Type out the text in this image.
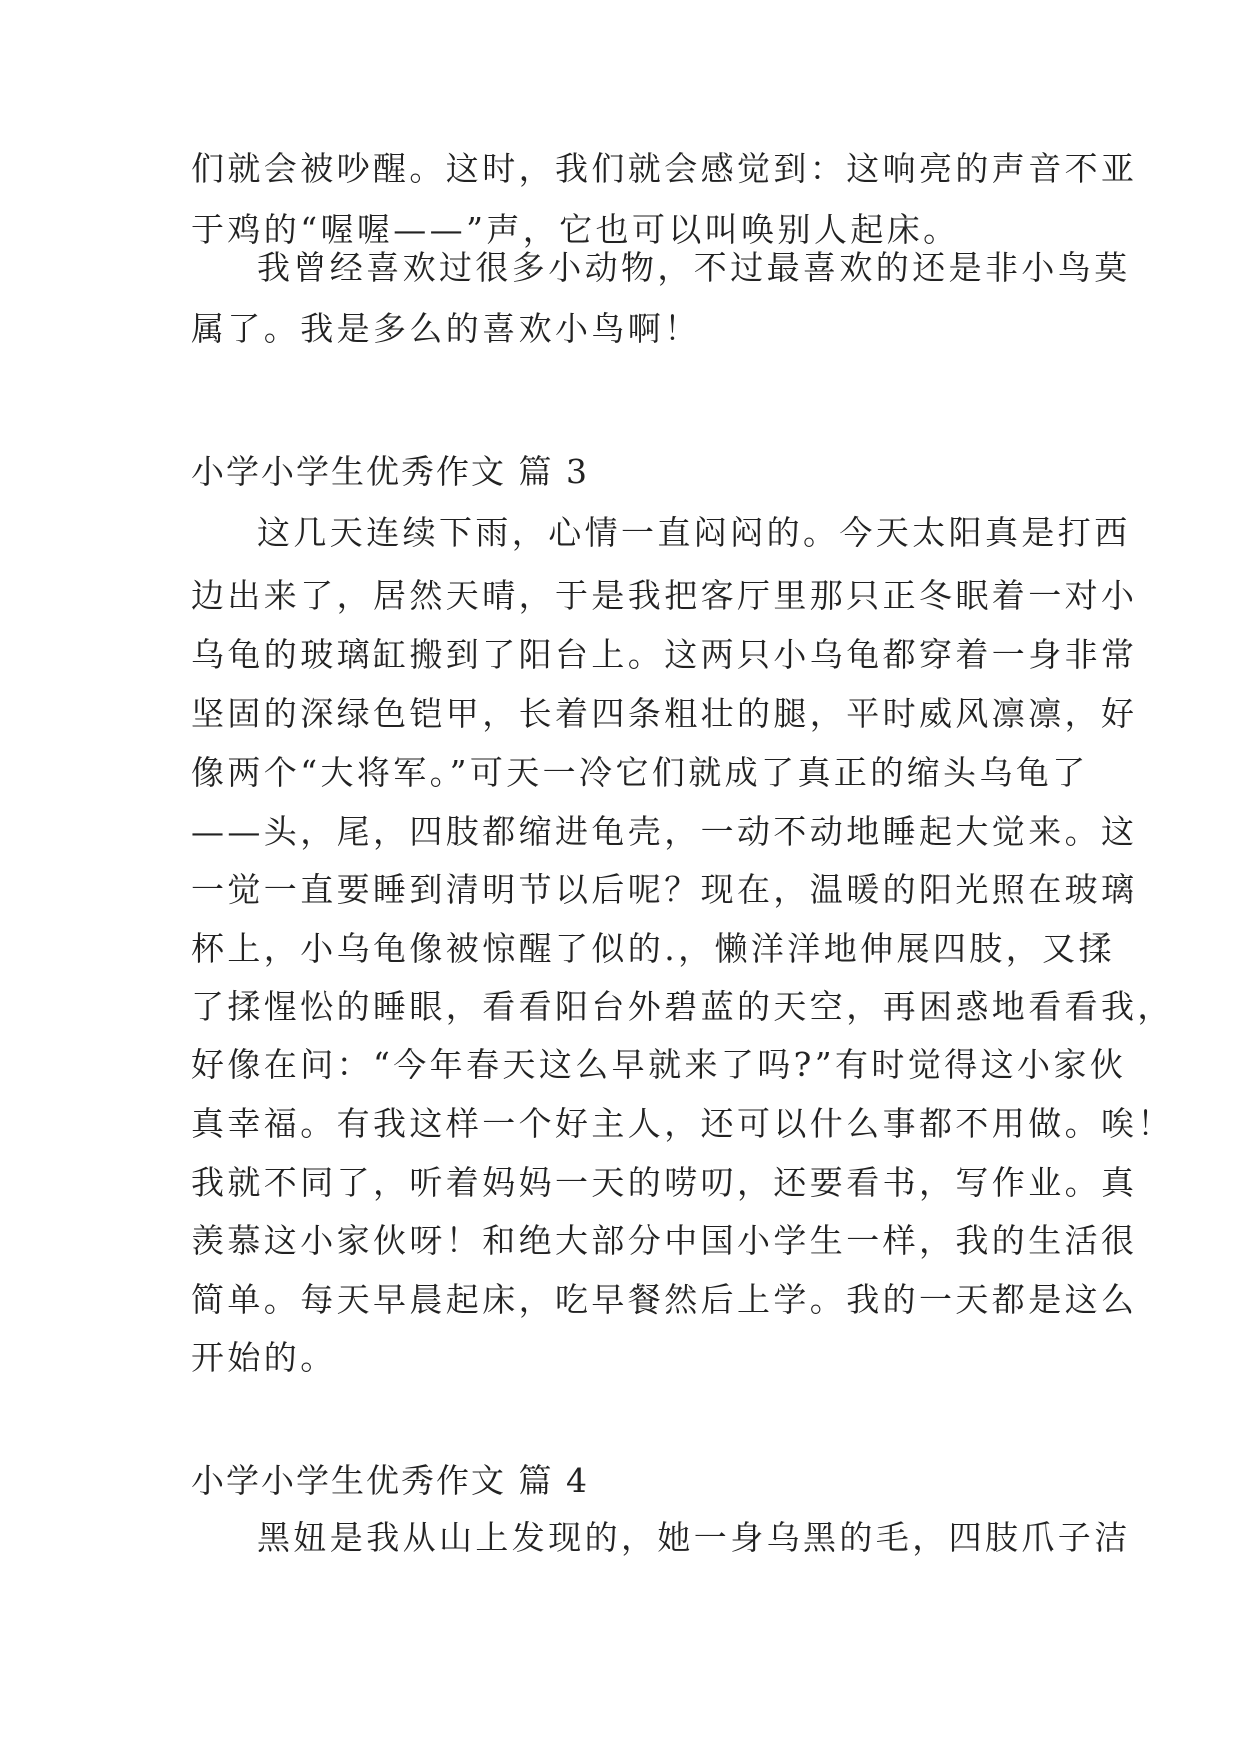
们就会被吵醒。这时，我们就会感觉到：这响亮的声音不亚
于鸡的“喔喔——”声，它也可以叫唤别人起床。
我曾经喜欢过很多小动物，不过最喜欢的还是非小鸟莫
属了。我是多么的喜欢小鸟啊！
小学小学生优秀作文 篇 3
这几天连续下雨，心情一直闷闷的。今天太阳真是打西
边出来了，居然天晴，于是我把客厅里那只正冬眠着一对小
乌龟的玻璃缸搬到了阳台上。这两只小乌龟都穿着一身非常
坚固的深绿色铠甲，长着四条粗壮的腿，平时威风凛凛，好
像两个“大将军。”可天一冷它们就成了真正的缩头乌龟了
——头，尾，四肢都缩进龟壳，一动不动地睡起大觉来。这
一觉一直要睡到清明节以后呢？现在，温暖的阳光照在玻璃
杯上，小乌龟像被惊醒了似的.，懒洋洋地伸展四肢，又揉
了揉惺忪的睡眼，看看阳台外碧蓝的天空，再困惑地看看我，
好像在问：“今年春天这么早就来了吗?”有时觉得这小家伙
真幸福。有我这样一个好主人，还可以什么事都不用做。唉！
我就不同了，听着妈妈一天的唠叨，还要看书，写作业。真
羡慕这小家伙呀！和绝大部分中国小学生一样，我的生活很
简单。每天早晨起床，吃早餐然后上学。我的一天都是这么
开始的。
小学小学生优秀作文 篇 4
黑妞是我从山上发现的，她一身乌黑的毛，四肢爪子洁
